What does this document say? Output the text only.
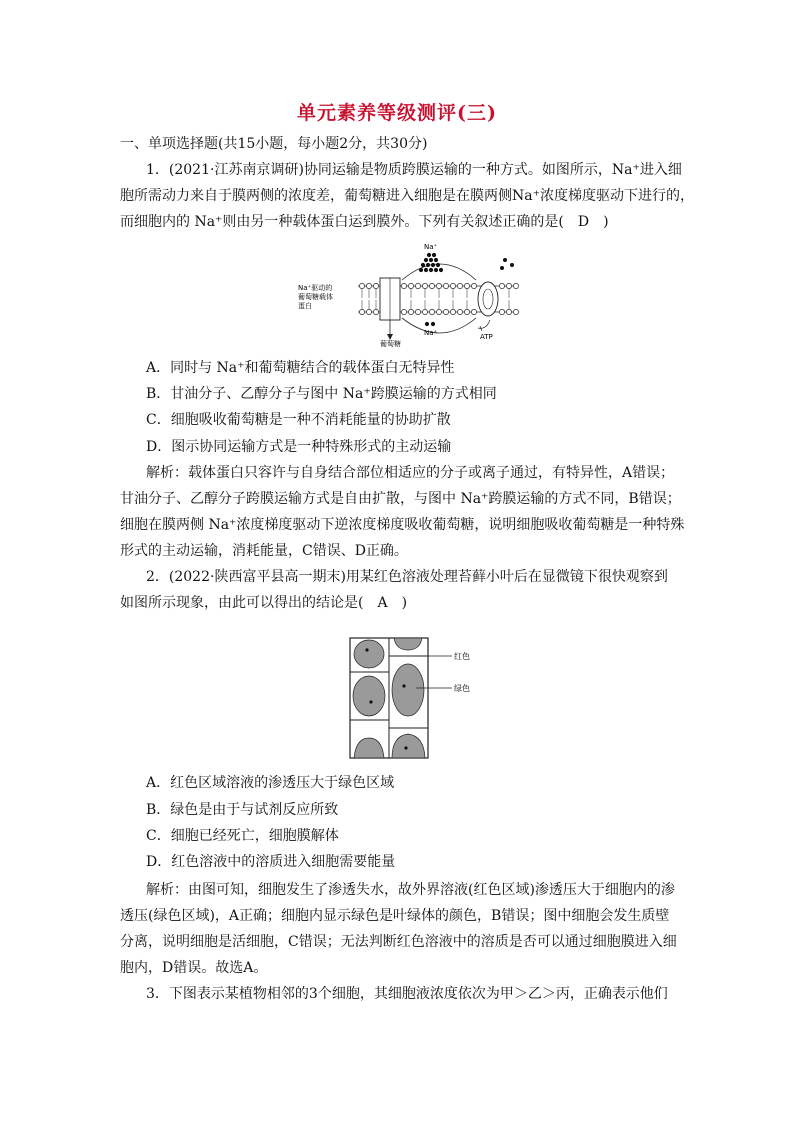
单元素养等级测评(三)
一、单项选择题(共15小题，每小题2分，共30分)
1．(2021·江苏南京调研)协同运输是物质跨膜运输的一种方式。如图所示，Na⁺进入细
胞所需动力来自于膜两侧的浓度差，葡萄糖进入细胞是在膜两侧Na⁺浓度梯度驱动下进行的，
而细胞内的 Na⁺则由另一种载体蛋白运到膜外。下列有关叙述正确的是(　D　)
Na⁺驱动的
葡萄糖载体
蛋白
Na⁺
Na⁺
葡萄糖
ATP
A．同时与 Na⁺和葡萄糖结合的载体蛋白无特异性
B．甘油分子、乙醇分子与图中 Na⁺跨膜运输的方式相同
C．细胞吸收葡萄糖是一种不消耗能量的协助扩散
D．图示协同运输方式是一种特殊形式的主动运输
解析：载体蛋白只容许与自身结合部位相适应的分子或离子通过，有特异性，A错误；
甘油分子、乙醇分子跨膜运输方式是自由扩散，与图中 Na⁺跨膜运输的方式不同，B错误；
细胞在膜两侧 Na⁺浓度梯度驱动下逆浓度梯度吸收葡萄糖，说明细胞吸收葡萄糖是一种特殊
形式的主动运输，消耗能量，C错误、D正确。
2．(2022·陕西富平县高一期末)用某红色溶液处理苔藓小叶后在显微镜下很快观察到
如图所示现象，由此可以得出的结论是(　A　)
红色
绿色
A．红色区域溶液的渗透压大于绿色区域
B．绿色是由于与试剂反应所致
C．细胞已经死亡，细胞膜解体
D．红色溶液中的溶质进入细胞需要能量
解析：由图可知，细胞发生了渗透失水，故外界溶液(红色区域)渗透压大于细胞内的渗
透压(绿色区域)，A正确；细胞内显示绿色是叶绿体的颜色，B错误；图中细胞会发生质壁
分离，说明细胞是活细胞，C错误；无法判断红色溶液中的溶质是否可以通过细胞膜进入细
胞内，D错误。故选A。
3．下图表示某植物相邻的3个细胞，其细胞液浓度依次为甲＞乙＞丙，正确表示他们
